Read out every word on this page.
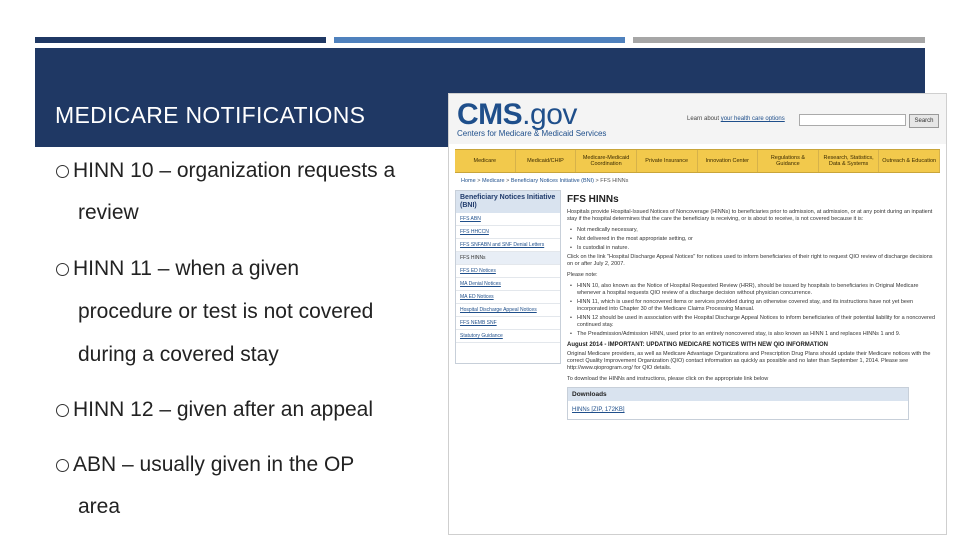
MEDICARE NOTIFICATIONS
HINN 10 – organization requests a
review
HINN 11 – when a given
procedure or test is not covered
during a covered stay
HINN 12 – given after an appeal
ABN – usually given in the OP
area
CMS.gov
Centers for Medicare & Medicaid Services
Learn about your health care options	Search
Medicare	Medicaid/CHIP	Medicare-Medicaid Coordination	Private Insurance	Innovation Center	Regulations & Guidance
Research, Statistics, Data & Systems	Outreach & Education
Home > Medicare > Beneficiary Notices Initiative (BNI) > FFS HINNs
Beneficiary Notices Initiative (BNI)
FFS ABN
FFS HHCCN
FFS SNFABN and SNF Denial Letters
FFS HINNs
FFS ED Notices
MA Denial Notices
MA ED Notices
Hospital Discharge Appeal Notices
FFS NEMB SNF
Statutory Guidance
FFS HINNs

Hospitals provide Hospital-Issued Notices of Noncoverage (HINNs) to beneficiaries prior to admission, at admission, or at any point during an inpatient stay if the hospital determines that the care the beneficiary is receiving, or is about to receive, is not covered because it is:

• Not medically necessary,
• Not delivered in the most appropriate setting, or
• Is custodial in nature.

Click on the link "Hospital Discharge Appeal Notices" for notices used to inform beneficiaries of their right to request QIO review of discharge decisions on or after July 2, 2007.

Please note:

• HINN 10, also known as the Notice of Hospital Requested Review (HRR), should be issued by hospitals to beneficiaries in Original Medicare whenever a hospital requests QIO review of a discharge decision without physician concurrence.
• HINN 11, which is used for noncovered items or services provided during an otherwise covered stay, and its instructions have not yet been incorporated into Chapter 30 of the Medicare Claims Processing Manual.
• HINN 12 should be used in association with the Hospital Discharge Appeal Notices to inform beneficiaries of their potential liability for a noncovered continued stay.
• The Preadmission/Admission HINN, used prior to an entirely noncovered stay, is also known as HINN 1 and replaces HINNs 1 and 9.
August 2014 - IMPORTANT: UPDATING MEDICARE NOTICES WITH NEW QIO INFORMATION

Original Medicare providers, as well as Medicare Advantage Organizations and Prescription Drug Plans should update their Medicare notices with the correct Quality Improvement Organization (QIO) contact information as quickly as possible and no later than September 1, 2014. Please see http://www.qioprogram.org/ for QIO details.

To download the HINNs and instructions, please click on the appropriate link below

Downloads
HINNs [ZIP, 172KB]
